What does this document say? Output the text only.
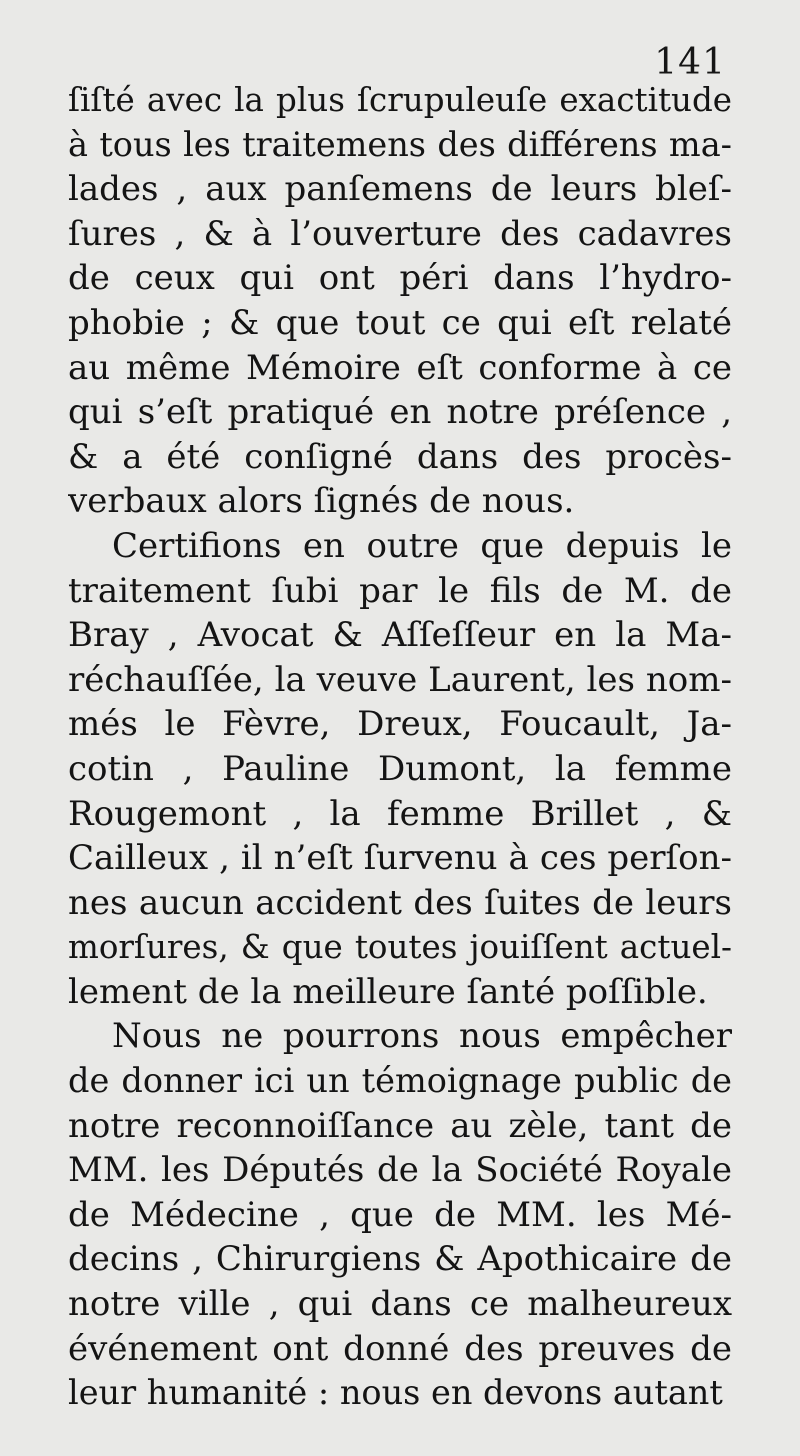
141
ſiſté avec la plus ſcrupuleuſe exactitude
à tous les traitemens des différens ma-
lades , aux panſemens de leurs bleſ-
ſures , & à l’ouverture des cadavres
de ceux qui ont péri dans l’hydro-
phobie ; & que tout ce qui eſt relaté
au même Mémoire eſt conforme à ce
qui s’eſt pratiqué en notre préſence ,
& a été conſigné dans des procès-
verbaux alors ſignés de nous.
Certifions en outre que depuis le
traitement ſubi par le fils de M. de
Bray , Avocat & Aſſeſſeur en la Ma-
réchauſſée, la veuve Laurent, les nom-
més le Fèvre, Dreux, Foucault, Ja-
cotin , Pauline Dumont, la femme
Rougemont , la femme Brillet , &
Cailleux , il n’eſt ſurvenu à ces perſon-
nes aucun accident des ſuites de leurs
morſures, & que toutes jouiſſent actuel-
lement de la meilleure ſanté poſſible.
Nous ne pourrons nous empêcher
de donner ici un témoignage public de
notre reconnoiſſance au zèle, tant de
MM. les Députés de la Société Royale
de Médecine , que de MM. les Mé-
decins , Chirurgiens & Apothicaire de
notre ville , qui dans ce malheureux
événement ont donné des preuves de
leur humanité : nous en devons autant
